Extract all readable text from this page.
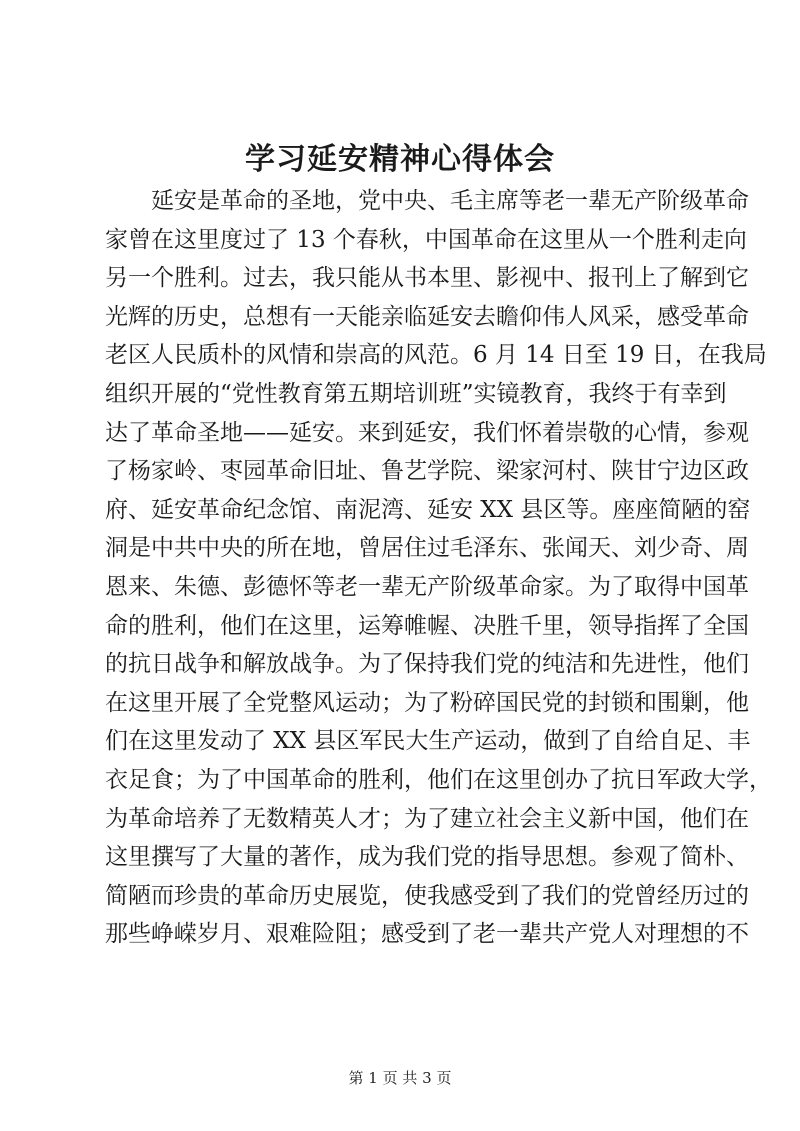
学习延安精神心得体会
延安是革命的圣地，党中央、毛主席等老一辈无产阶级革命
家曾在这里度过了 13 个春秋，中国革命在这里从一个胜利走向
另一个胜利。过去，我只能从书本里、影视中、报刊上了解到它
光辉的历史，总想有一天能亲临延安去瞻仰伟人风采，感受革命
老区人民质朴的风情和崇高的风范。6 月 14 日至 19 日，在我局
组织开展的“党性教育第五期培训班”实镜教育，我终于有幸到
达了革命圣地——延安。来到延安，我们怀着崇敬的心情，参观
了杨家岭、枣园革命旧址、鲁艺学院、梁家河村、陕甘宁边区政
府、延安革命纪念馆、南泥湾、延安 XX 县区等。座座简陋的窑
洞是中共中央的所在地，曾居住过毛泽东、张闻天、刘少奇、周
恩来、朱德、彭德怀等老一辈无产阶级革命家。为了取得中国革
命的胜利，他们在这里，运筹帷幄、决胜千里，领导指挥了全国
的抗日战争和解放战争。为了保持我们党的纯洁和先进性，他们
在这里开展了全党整风运动；为了粉碎国民党的封锁和围剿，他
们在这里发动了 XX 县区军民大生产运动，做到了自给自足、丰
衣足食；为了中国革命的胜利，他们在这里创办了抗日军政大学，
为革命培养了无数精英人才；为了建立社会主义新中国，他们在
这里撰写了大量的著作，成为我们党的指导思想。参观了简朴、
简陋而珍贵的革命历史展览，使我感受到了我们的党曾经历过的
那些峥嵘岁月、艰难险阻；感受到了老一辈共产党人对理想的不
第 1 页 共 3 页
